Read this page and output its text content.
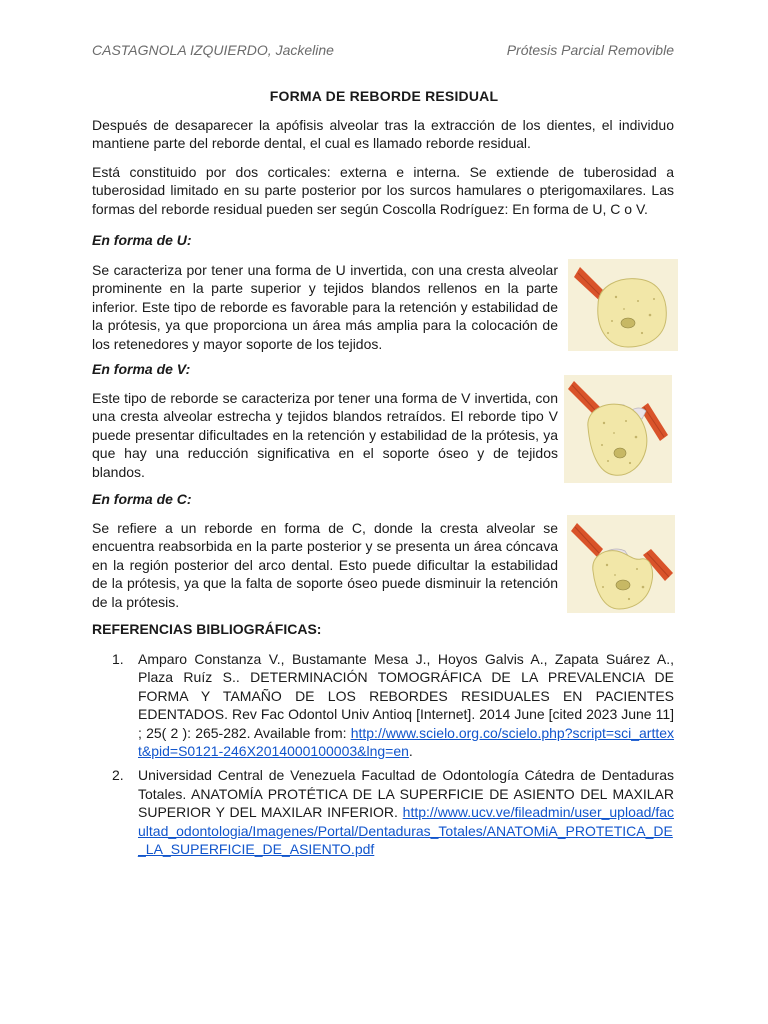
CASTAGNOLA IZQUIERDO, Jackeline	Prótesis Parcial Removible
FORMA DE REBORDE RESIDUAL

Después de desaparecer la apófisis alveolar tras la extracción de los dientes, el individuo mantiene parte del reborde dental, el cual es llamado reborde residual.

Está constituido por dos corticales: externa e interna. Se extiende de tuberosidad a tuberosidad limitado en su parte posterior por los surcos hamulares o pterigomaxilares. Las formas del reborde residual pueden ser según Coscolla Rodríguez: En forma de U, C o V.

En forma de U:

Se caracteriza por tener una forma de U invertida, con una cresta alveolar prominente en la parte superior y tejidos blandos rellenos en la parte inferior. Este tipo de reborde es favorable para la retención y estabilidad de la prótesis, ya que proporciona un área más amplia para la colocación de los retenedores y mayor soporte de los tejidos.

En forma de V:

Este tipo de reborde se caracteriza por tener una forma de V invertida, con una cresta alveolar estrecha y tejidos blandos retraídos. El reborde tipo V puede presentar dificultades en la retención y estabilidad de la prótesis, ya que hay una reducción significativa en el soporte óseo y de tejidos blandos.

En forma de C:

Se refiere a un reborde en forma de C, donde la cresta alveolar se encuentra reabsorbida en la parte posterior y se presenta un área cóncava en la región posterior del arco dental. Esto puede dificultar la estabilidad de la prótesis, ya que la falta de soporte óseo puede disminuir la retención de la prótesis.

REFERENCIAS BIBLIOGRÁFICAS:

1. Amparo Constanza V., Bustamante Mesa J., Hoyos Galvis A., Zapata Suárez A., Plaza Ruíz S.. DETERMINACIÓN TOMOGRÁFICA DE LA PREVALENCIA DE FORMA Y TAMAÑO DE LOS REBORDES RESIDUALES EN PACIENTES EDENTADOS. Rev Fac Odontol Univ Antioq [Internet]. 2014 June [cited 2023 June 11] ; 25( 2 ): 265-282. Available from: http://www.scielo.org.co/scielo.php?script=sci_arttext&pid=S0121-246X2014000100003&lng=en.
2. Universidad Central de Venezuela Facultad de Odontología Cátedra de Dentaduras Totales. ANATOMÍA PROTÉTICA DE LA SUPERFICIE DE ASIENTO DEL MAXILAR SUPERIOR Y DEL MAXILAR INFERIOR. http://www.ucv.ve/fileadmin/user_upload/facultad_odontologia/Imagenes/Portal/Dentaduras_Totales/ANATOMiA_PROTETICA_DE_LA_SUPERFICIE_DE_ASIENTO.pdf
